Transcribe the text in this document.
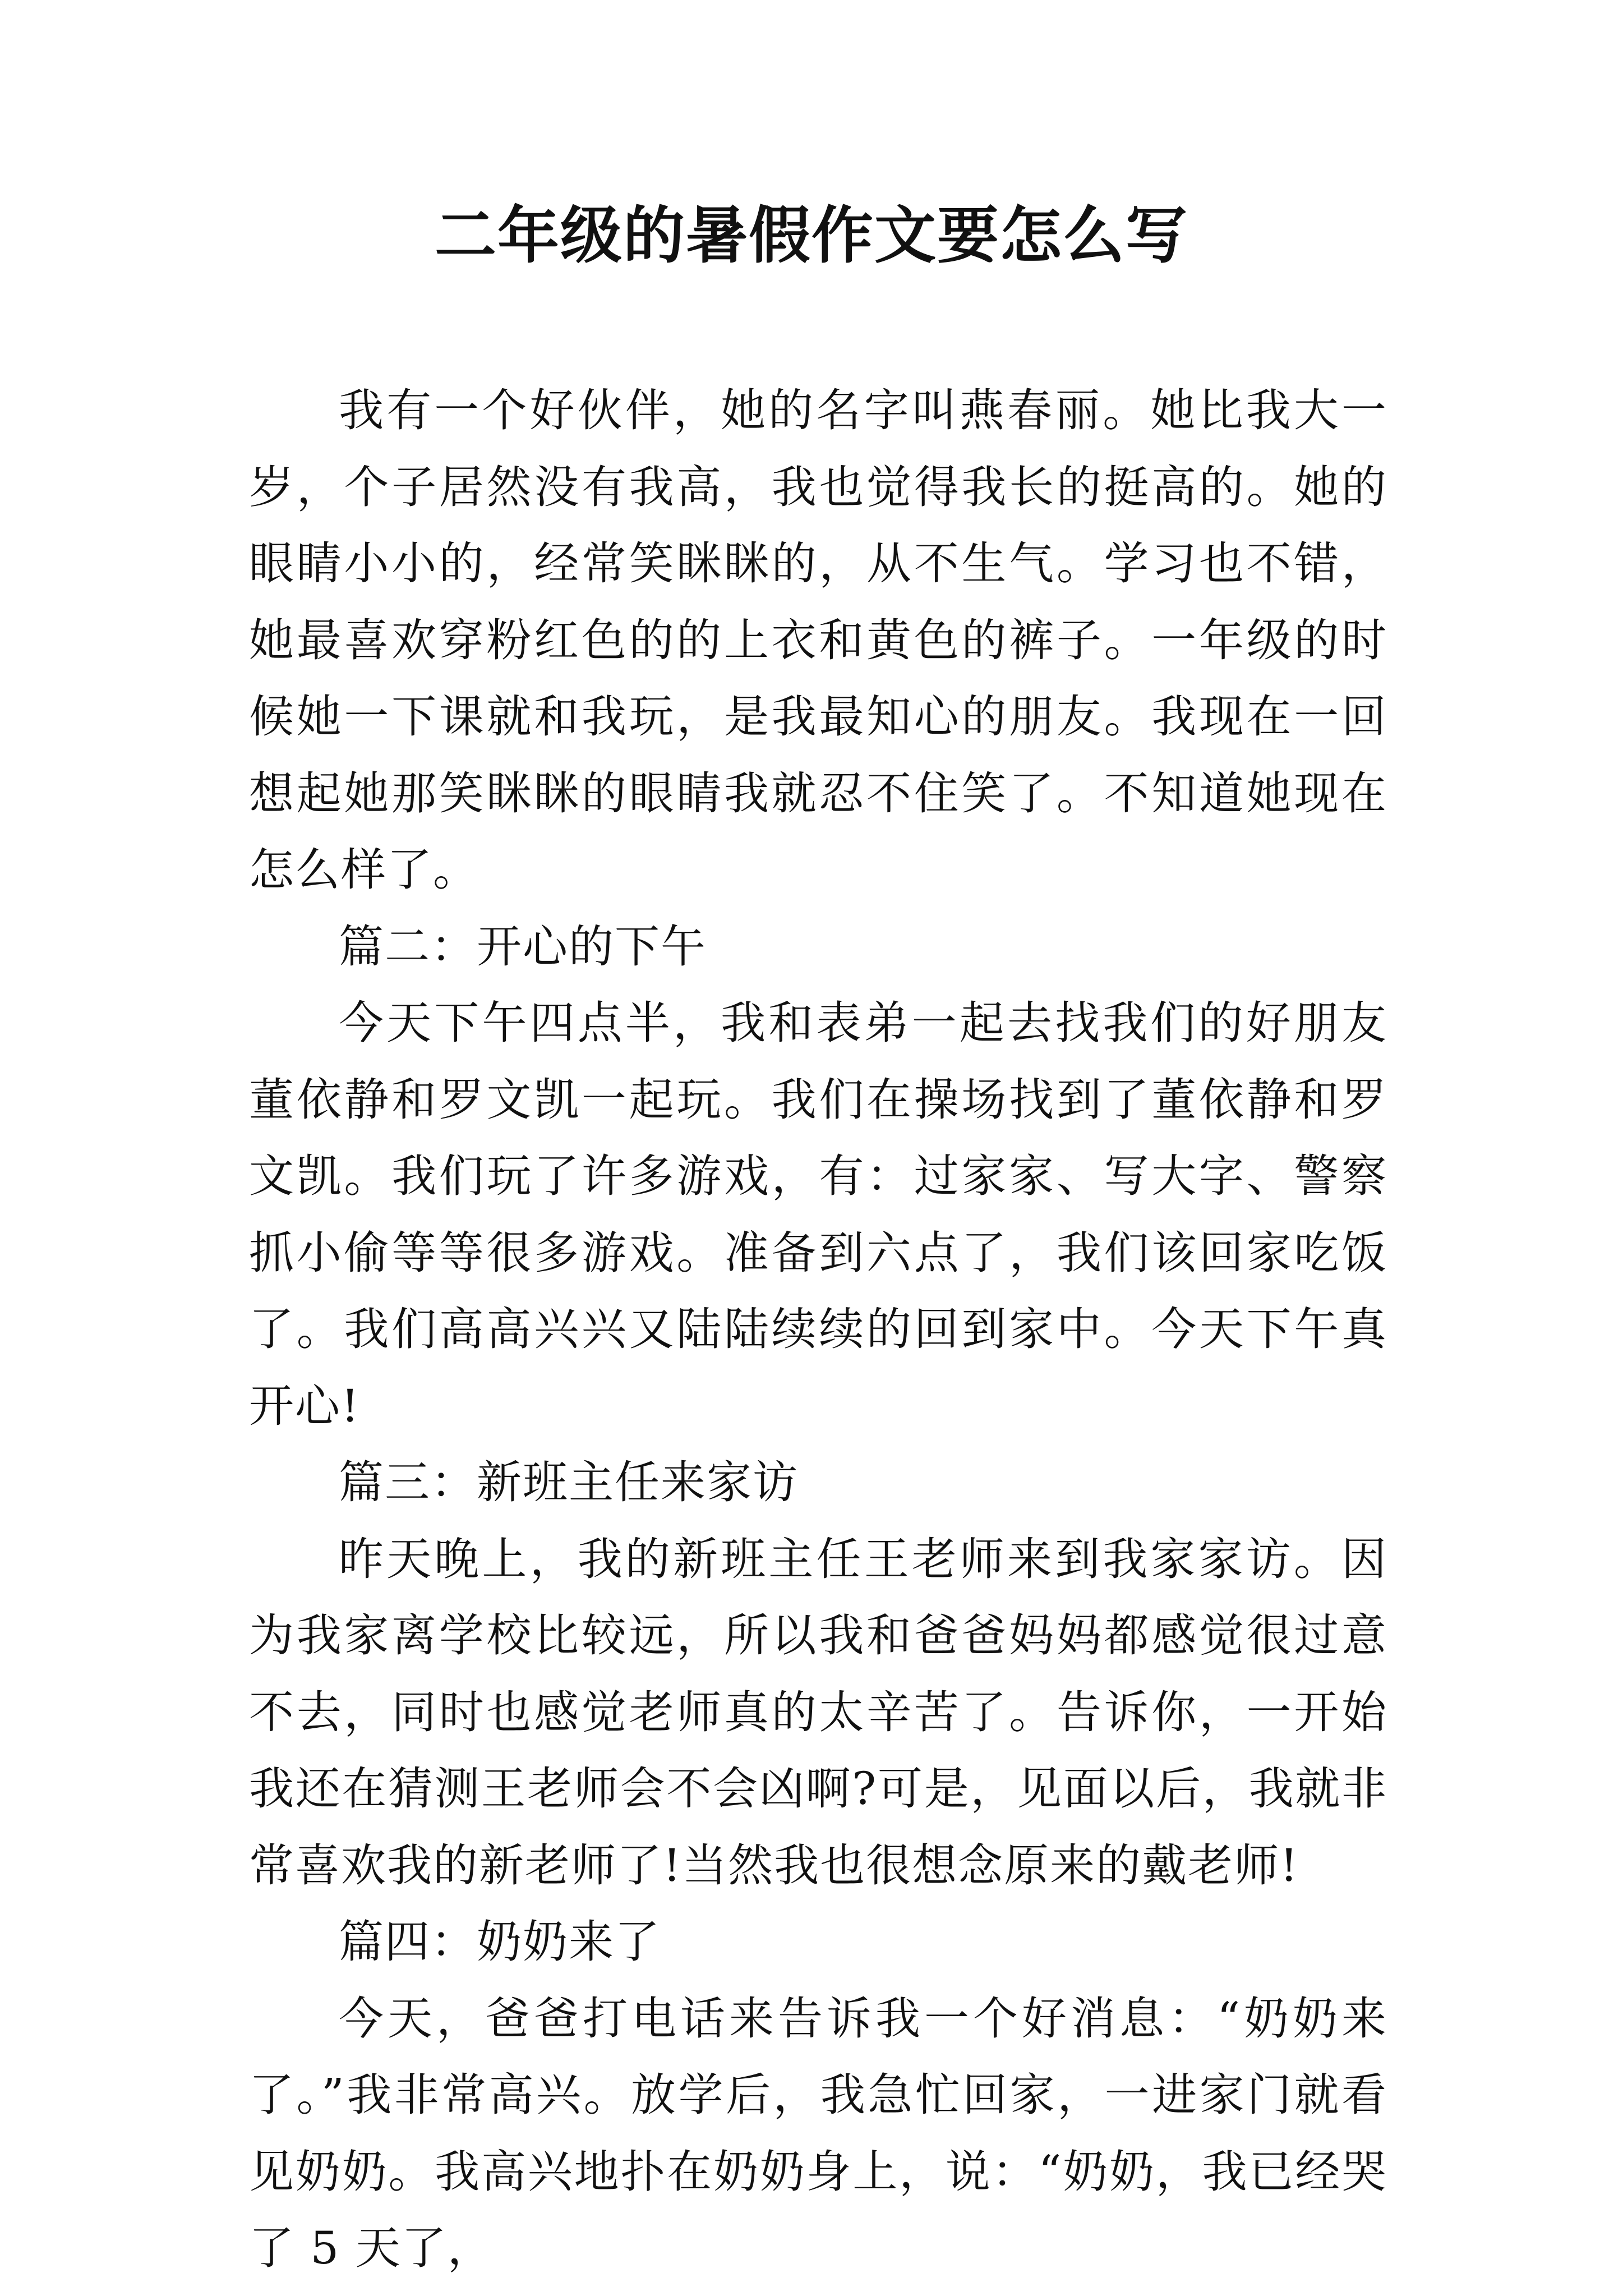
二年级的暑假作文要怎么写

我有一个好伙伴，她的名字叫燕春丽。她比我大一岁，个子居然没有我高，我也觉得我长的挺高的。她的眼睛小小的，经常笑眯眯的，从不生气。学习也不错，她最喜欢穿粉红色的的上衣和黄色的裤子。一年级的时候她一下课就和我玩，是我最知心的朋友。我现在一回想起她那笑眯眯的眼睛我就忍不住笑了。不知道她现在怎么样了。

篇二：开心的下午

今天下午四点半，我和表弟一起去找我们的好朋友董依静和罗文凯一起玩。我们在操场找到了董依静和罗文凯。我们玩了许多游戏，有：过家家、写大字、警察抓小偷等等很多游戏。准备到六点了，我们该回家吃饭了。我们高高兴兴又陆陆续续的回到家中。今天下午真开心!

篇三：新班主任来家访

昨天晚上，我的新班主任王老师来到我家家访。因为我家离学校比较远，所以我和爸爸妈妈都感觉很过意不去，同时也感觉老师真的太辛苦了。告诉你，一开始我还在猜测王老师会不会凶啊?可是，见面以后，我就非常喜欢我的新老师了!当然我也很想念原来的戴老师!

篇四：奶奶来了

今天，爸爸打电话来告诉我一个好消息：“奶奶来了。”我非常高兴。放学后，我急忙回家，一进家门就看见奶奶。我高兴地扑在奶奶身上，说：“奶奶，我已经哭了 5 天了，
